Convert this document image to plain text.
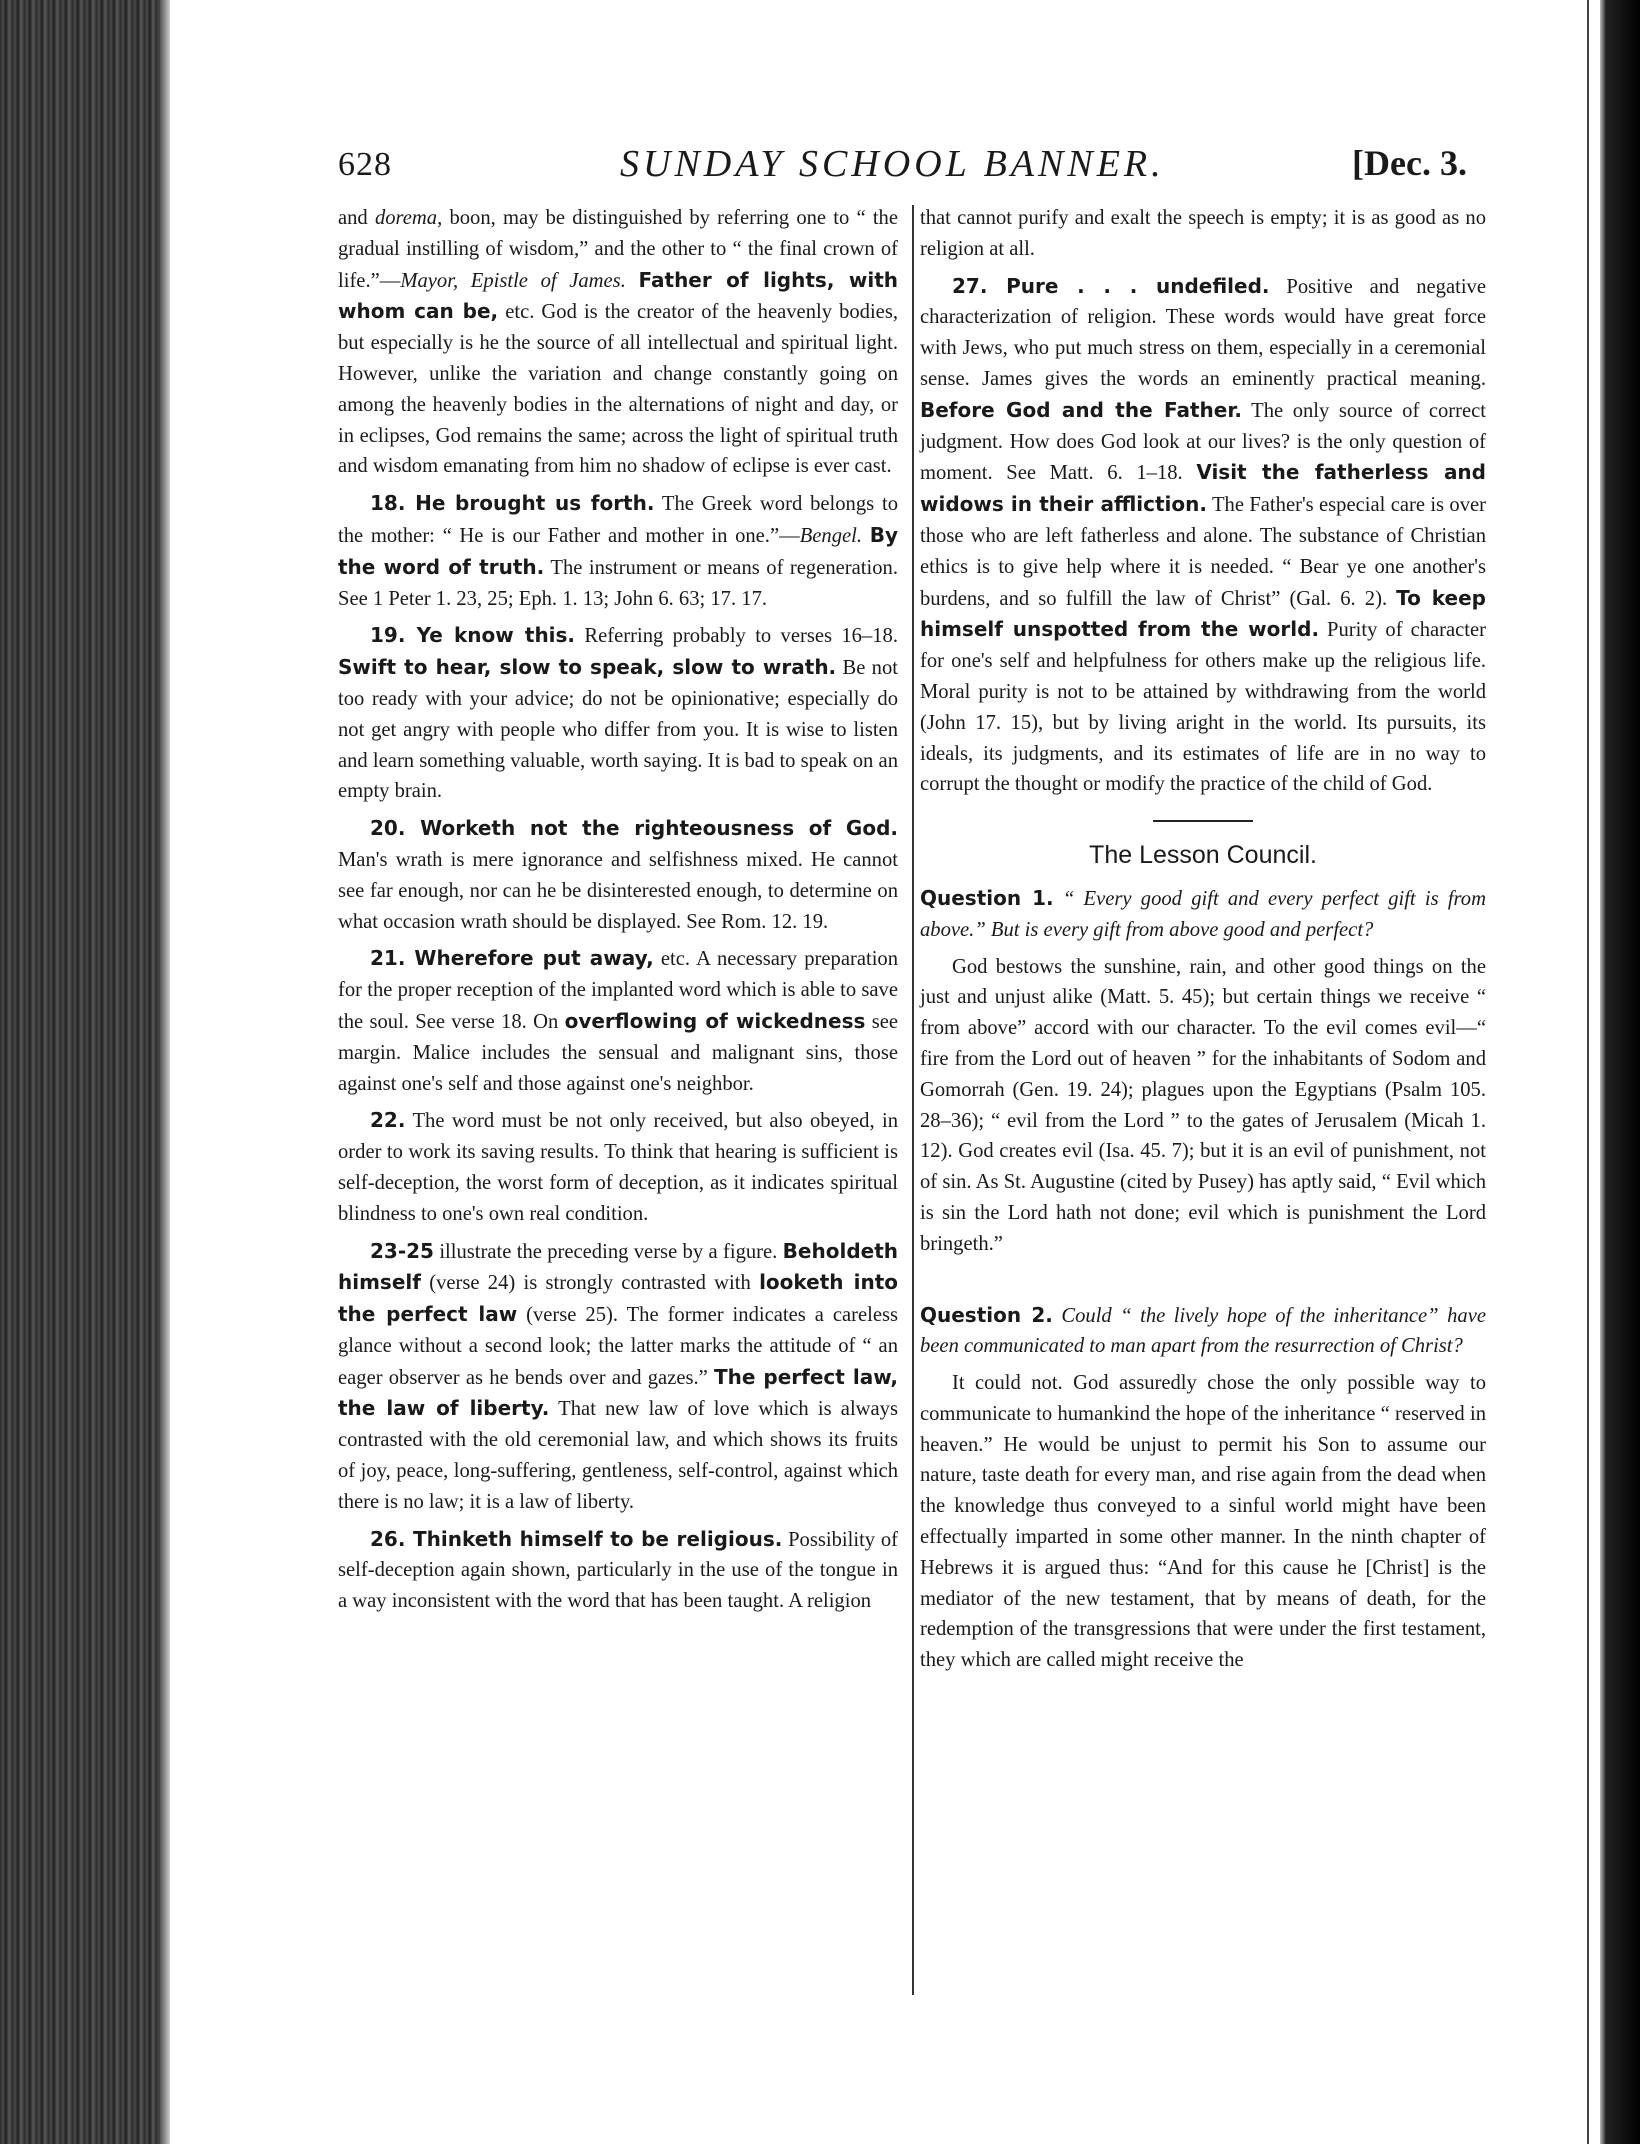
628	SUNDAY SCHOOL BANNER.	[Dec. 3.

and dorema, boon, may be distinguished by referring one to “ the gradual instilling of wisdom,” and the other to “ the final crown of life.”—Mayor, Epistle of James. Father of lights, with whom can be, etc. God is the creator of the heavenly bodies, but especially is he the source of all intellectual and spiritual light. However, unlike the variation and change constantly going on among the heavenly bodies in the alternations of night and day, or in eclipses, God remains the same; across the light of spiritual truth and wisdom emanating from him no shadow of eclipse is ever cast.

18. He brought us forth. The Greek word belongs to the mother: “ He is our Father and mother in one.”—Bengel. By the word of truth. The instrument or means of regeneration. See 1 Peter 1. 23, 25; Eph. 1. 13; John 6. 63; 17. 17.

19. Ye know this. Referring probably to verses 16–18. Swift to hear, slow to speak, slow to wrath. Be not too ready with your advice; do not be opinionative; especially do not get angry with people who differ from you. It is wise to listen and learn something valuable, worth saying. It is bad to speak on an empty brain.

20. Worketh not the righteousness of God. Man's wrath is mere ignorance and selfishness mixed. He cannot see far enough, nor can he be disinterested enough, to determine on what occasion wrath should be displayed. See Rom. 12. 19.

21. Wherefore put away, etc. A necessary preparation for the proper reception of the implanted word which is able to save the soul. See verse 18. On overflowing of wickedness see margin. Malice includes the sensual and malignant sins, those against one's self and those against one's neighbor.

22. The word must be not only received, but also obeyed, in order to work its saving results. To think that hearing is sufficient is self-deception, the worst form of deception, as it indicates spiritual blindness to one's own real condition.

23-25 illustrate the preceding verse by a figure. Beholdeth himself (verse 24) is strongly contrasted with looketh into the perfect law (verse 25). The former indicates a careless glance without a second look; the latter marks the attitude of “ an eager observer as he bends over and gazes.” The perfect law, the law of liberty. That new law of love which is always contrasted with the old ceremonial law, and which shows its fruits of joy, peace, long-suffering, gentleness, self-control, against which there is no law; it is a law of liberty.

26. Thinketh himself to be religious. Possibility of self-deception again shown, particularly in the use of the tongue in a way inconsistent with the word that has been taught. A religion

that cannot purify and exalt the speech is empty; it is as good as no religion at all.

27. Pure . . . undefiled. Positive and negative characterization of religion. These words would have great force with Jews, who put much stress on them, especially in a ceremonial sense. James gives the words an eminently practical meaning. Before God and the Father. The only source of correct judgment. How does God look at our lives? is the only question of moment. See Matt. 6. 1–18. Visit the fatherless and widows in their affliction. The Father's especial care is over those who are left fatherless and alone. The substance of Christian ethics is to give help where it is needed. “ Bear ye one another's burdens, and so fulfill the law of Christ” (Gal. 6. 2). To keep himself unspotted from the world. Purity of character for one's self and helpfulness for others make up the religious life. Moral purity is not to be attained by withdrawing from the world (John 17. 15), but by living aright in the world. Its pursuits, its ideals, its judgments, and its estimates of life are in no way to corrupt the thought or modify the practice of the child of God.

The Lesson Council.

Question 1. “ Every good gift and every perfect gift is from above.” But is every gift from above good and perfect?

God bestows the sunshine, rain, and other good things on the just and unjust alike (Matt. 5. 45); but certain things we receive “ from above” accord with our character. To the evil comes evil—“ fire from the Lord out of heaven ” for the inhabitants of Sodom and Gomorrah (Gen. 19. 24); plagues upon the Egyptians (Psalm 105. 28–36); “ evil from the Lord ” to the gates of Jerusalem (Micah 1. 12). God creates evil (Isa. 45. 7); but it is an evil of punishment, not of sin. As St. Augustine (cited by Pusey) has aptly said, “ Evil which is sin the Lord hath not done; evil which is punishment the Lord bringeth.”

Question 2. Could “ the lively hope of the inheritance” have been communicated to man apart from the resurrection of Christ?

It could not. God assuredly chose the only possible way to communicate to humankind the hope of the inheritance “ reserved in heaven.” He would be unjust to permit his Son to assume our nature, taste death for every man, and rise again from the dead when the knowledge thus conveyed to a sinful world might have been effectually imparted in some other manner. In the ninth chapter of Hebrews it is argued thus: “And for this cause he [Christ] is the mediator of the new testament, that by means of death, for the redemption of the transgressions that were under the first testament, they which are called might receive the
